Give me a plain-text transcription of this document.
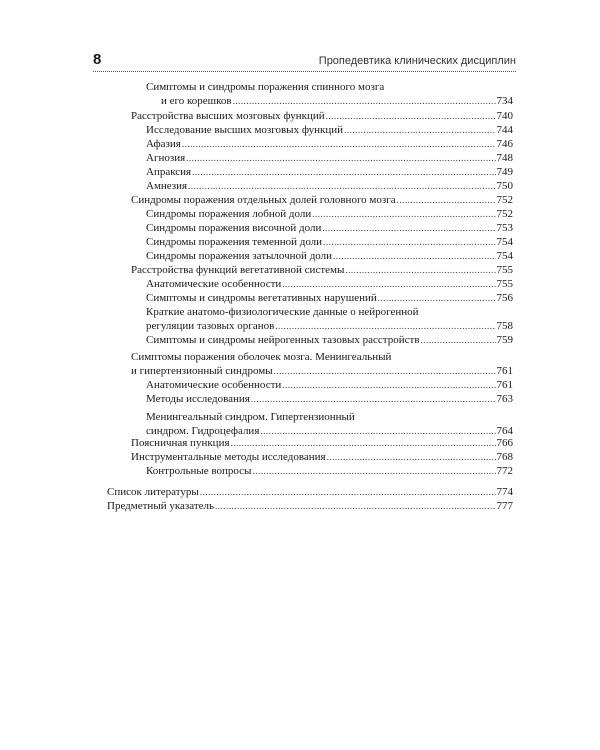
8	Пропедевтика клинических дисциплин
Симптомы и синдромы поражения спинного мозга
и его корешков .....	734
Расстройства высших мозговых функций .....	740
Исследование высших мозговых функций .....	744
Афазия .....	746
Агнозия .....	748
Апраксия .....	749
Амнезия .....	750
Синдромы поражения отдельных долей головного мозга .....	752
Синдромы поражения лобной доли .....	752
Синдромы поражения височной доли .....	753
Синдромы поражения теменной доли .....	754
Синдромы поражения затылочной доли .....	754
Расстройства функций вегетативной системы .....	755
Анатомические особенности .....	755
Симптомы и синдромы вегетативных нарушений .....	756
Краткие анатомо-физиологические данные о нейрогенной
регуляции тазовых органов .....	758
Симптомы и синдромы нейрогенных тазовых расстройств .....	759
Симптомы поражения оболочек мозга. Менингеальный
и гипертензионный синдромы .....	761
Анатомические особенности .....	761
Методы исследования .....	763
Менингеальный синдром. Гипертензионный
синдром. Гидроцефалия .....	764
Поясничная пункция .....	766
Инструментальные методы исследования .....	768
Контрольные вопросы .....	772
Список литературы .....	774
Предметный указатель .....	777
